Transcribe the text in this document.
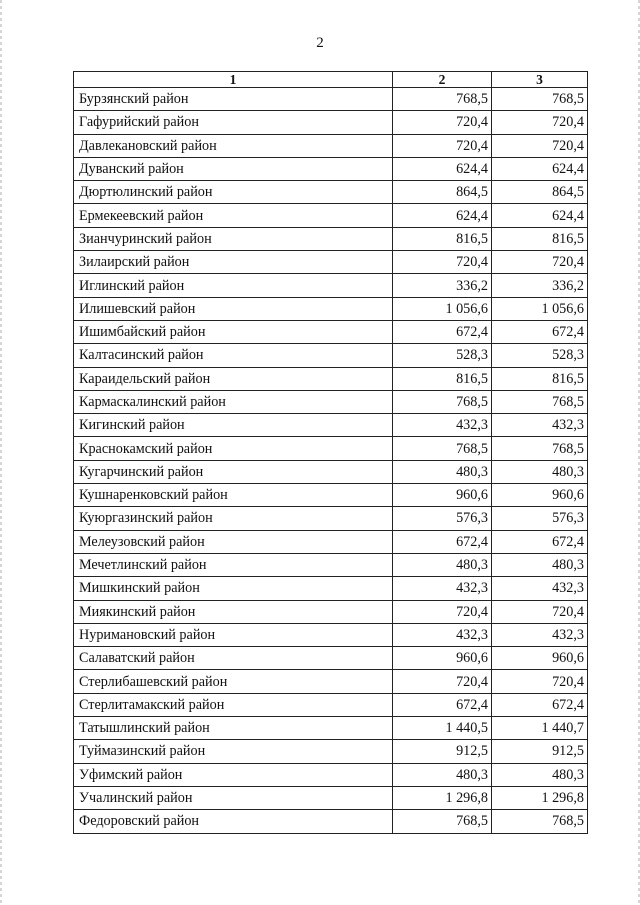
2
1	2	3
Бурзянский район	768,5	768,5
Гафурийский район	720,4	720,4
Давлекановский район	720,4	720,4
Дуванский район	624,4	624,4
Дюртюлинский район	864,5	864,5
Ермекеевский район	624,4	624,4
Зианчуринский район	816,5	816,5
Зилаирский район	720,4	720,4
Иглинский район	336,2	336,2
Илишевский район	1 056,6	1 056,6
Ишимбайский район	672,4	672,4
Калтасинский район	528,3	528,3
Караидельский район	816,5	816,5
Кармаскалинский район	768,5	768,5
Кигинский район	432,3	432,3
Краснокамский район	768,5	768,5
Кугарчинский район	480,3	480,3
Кушнаренковский район	960,6	960,6
Куюргазинский район	576,3	576,3
Мелеузовский район	672,4	672,4
Мечетлинский район	480,3	480,3
Мишкинский район	432,3	432,3
Миякинский район	720,4	720,4
Нуримановский район	432,3	432,3
Салаватский район	960,6	960,6
Стерлибашевский район	720,4	720,4
Стерлитамакский район	672,4	672,4
Татышлинский район	1 440,5	1 440,7
Туймазинский район	912,5	912,5
Уфимский район	480,3	480,3
Учалинский район	1 296,8	1 296,8
Федоровский район	768,5	768,5
